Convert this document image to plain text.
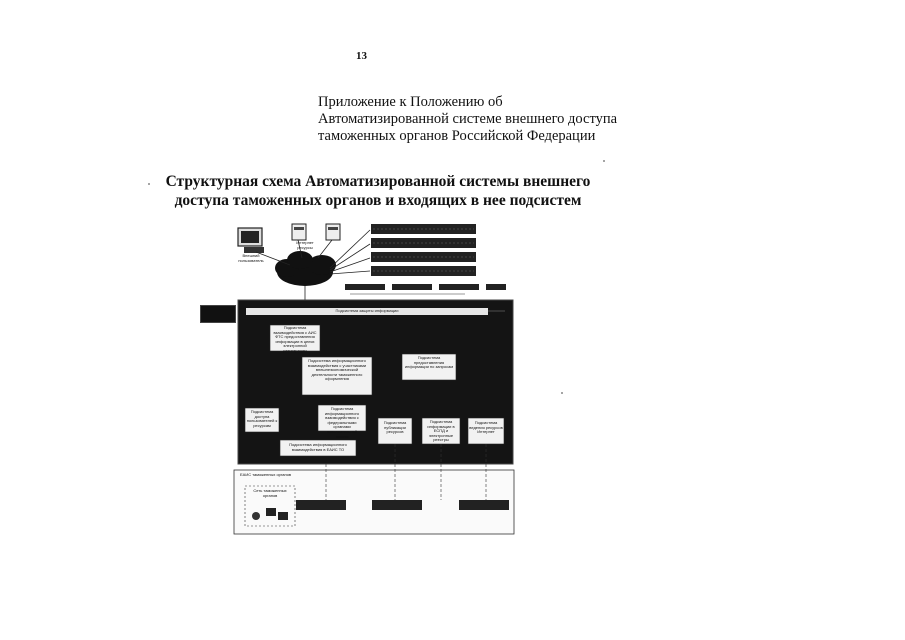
13
Приложение к Положению об
Автоматизированной системе внешнего доступа
таможенных органов Российской Федерации
Структурная схема Автоматизированной системы внешнего
доступа таможенных органов и входящих в нее подсистем
Внешний пользователь
Интернет ресурсы
Подсистема защиты информации
Подсистема взаимодействия с АИС ФТС предоставления информации в целях электронной регистрации
Подсистема информационного взаимодействия с участниками внешнеэкономической деятельности таможенного оформления
Подсистема предоставления информации по запросам
Подсистема доступа пользователей к ресурсам
Подсистема информационного взаимодействия с федеральными органами исполнительной власти
Подсистема информационного взаимодействия в ЕАИС ТО
Подсистема публикации ресурсов
Подсистема информации в ЕСПД и электронные реестры
Подсистема ведения ресурсов Интернет
ЕАИС таможенных органов
Сеть таможенных органов
